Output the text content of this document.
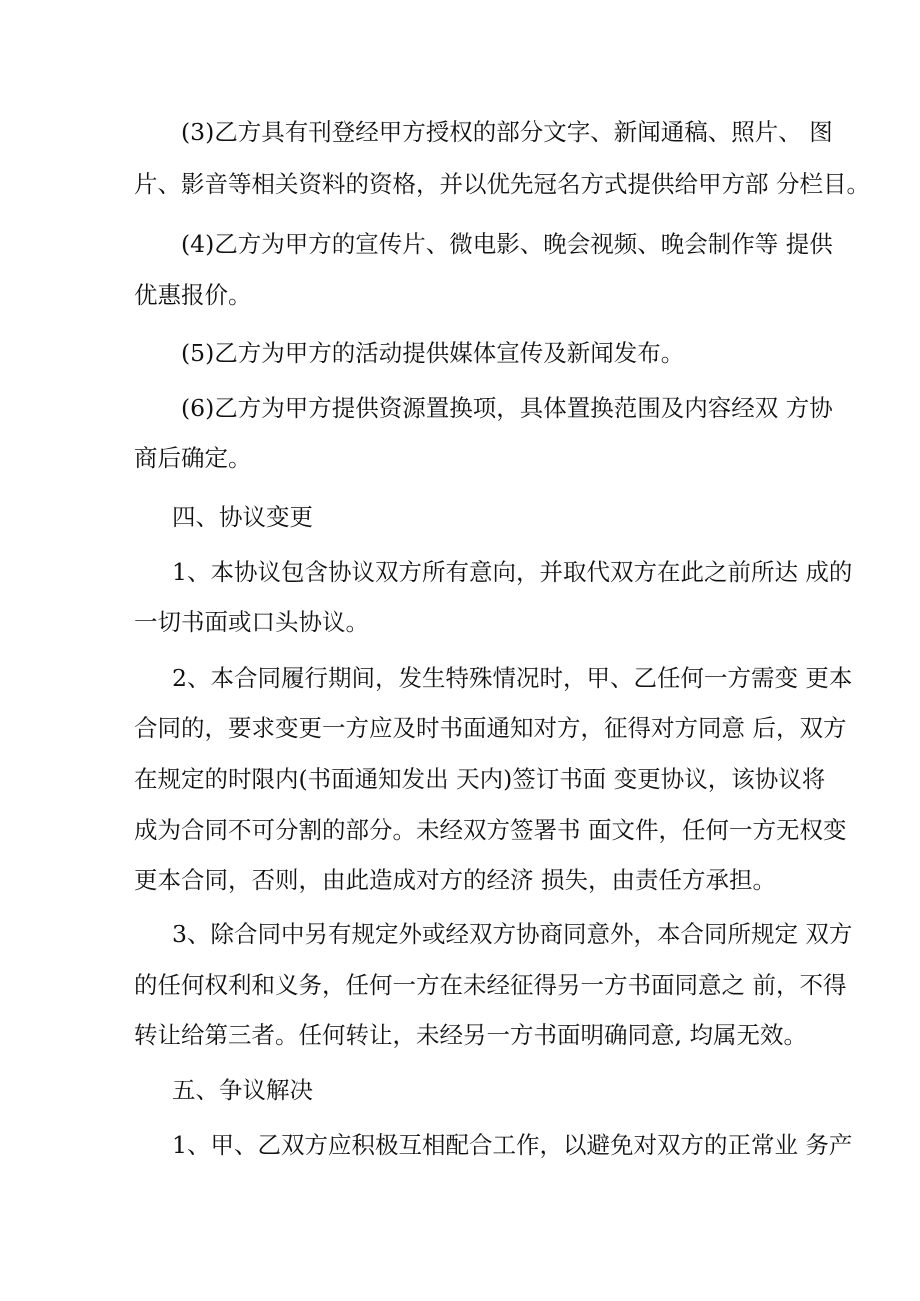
(3)乙方具有刊登经甲方授权的部分文字、新闻通稿、照片、 图

片、影音等相关资料的资格，并以优先冠名方式提供给甲方部 分栏目。

(4)乙方为甲方的宣传片、微电影、晚会视频、晚会制作等 提供

优惠报价。

(5)乙方为甲方的活动提供媒体宣传及新闻发布。

(6)乙方为甲方提供资源置换项，具体置换范围及内容经双 方协

商后确定。

四、协议变更

1、本协议包含协议双方所有意向，并取代双方在此之前所达 成的

一切书面或口头协议。

2、本合同履行期间，发生特殊情况时，甲、乙任何一方需变 更本

合同的，要求变更一方应及时书面通知对方，征得对方同意 后，双方

在规定的时限内(书面通知发出 天内)签订书面 变更协议，该协议将

成为合同不可分割的部分。未经双方签署书 面文件，任何一方无权变

更本合同，否则，由此造成对方的经济 损失，由责任方承担。

3、除合同中另有规定外或经双方协商同意外，本合同所规定 双方

的任何权利和义务，任何一方在未经征得另一方书面同意之 前，不得

转让给第三者。任何转让，未经另一方书面明确同意, 均属无效。

五、争议解决

1、甲、乙双方应积极互相配合工作，以避免对双方的正常业 务产
